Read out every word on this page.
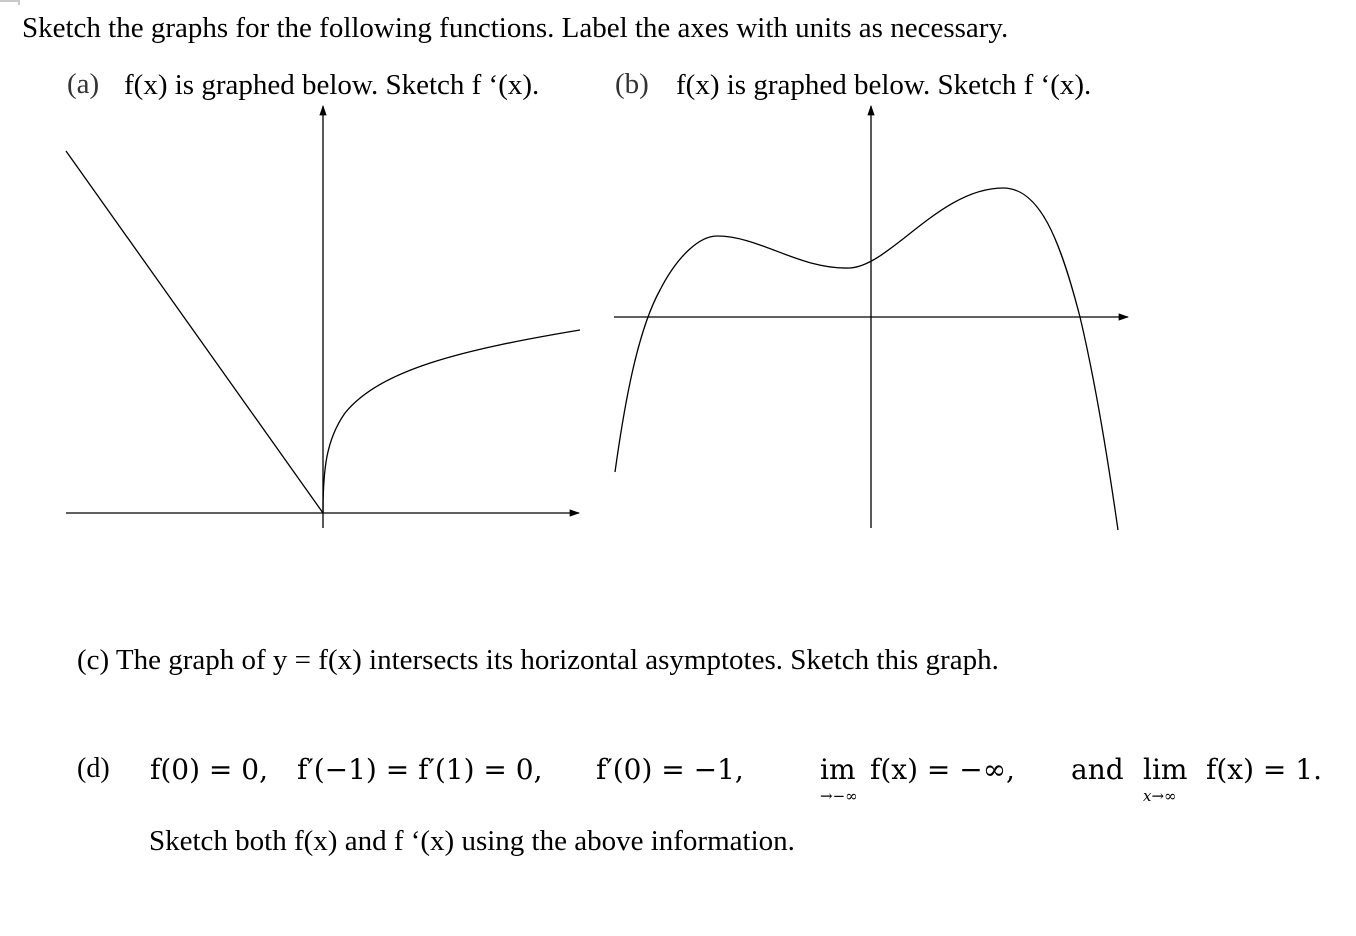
Sketch the graphs for the following functions. Label the axes with units as necessary.
(a) f(x) is graphed below. Sketch f ‘(x).	(b) f(x) is graphed below. Sketch f ‘(x).
(c) The graph of y = f(x) intersects its horizontal asymptotes. Sketch this graph.
(d) f(0) = 0, f′(−1) = f′(1) = 0, f′(0) = −1,	im
→−∞
f(x) = −∞, and lim
x→∞
f(x) = 1.
Sketch both f(x) and f ‘(x) using the above information.
